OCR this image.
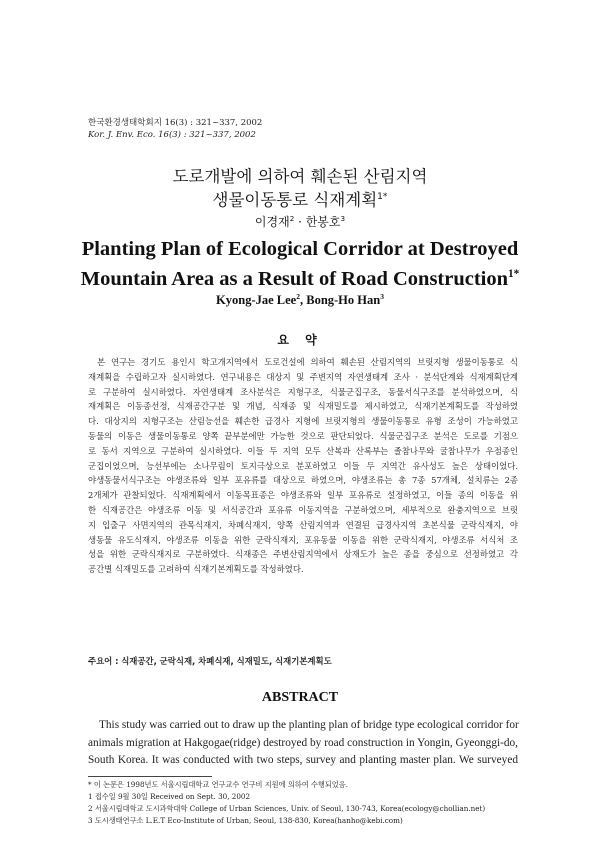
한국환경생태학회지 16(3) : 321~337, 2002
Kor. J. Env. Eco. 16(3) : 321~337, 2002
도로개발에 의하여 훼손된 산림지역
생물이동통로 식재계획$^{1*}$
이경재$^2$ · 한봉호$^3$
Planting Plan of Ecological Corridor at Destroyed
Mountain Area as a Result of Road Construction$^{1*}$
Kyong-Jae Lee$^2$, Bong-Ho Han$^3$
요 약
본 연구는 경기도 용인시 학고개지역에서 도로건설에 의하여 훼손된 산림지역의 브릿지형 생물이동통로 식
재계획을 수립하고자 실시하였다. 연구내용은 대상지 및 주변지역 자연생태계 조사 · 분석단계와 식재계획단계
로 구분하여 실시하였다. 자연생태계 조사분석은 지형구조, 식물군집구조, 동물서식구조를 분석하였으며, 식
재계획은 이동종선정, 식재공간구분 및 개념, 식재종 및 식재밀도를 제시하였고, 식재기본계획도를 작성하였
다. 대상지의 지형구조는 산림능선을 훼손한 급경사 지형에 브릿지형의 생물이동통로 유형 조성이 가능하였고
동물의 이동은 생물이동통로 양쪽 끝부분에만 가능한 것으로 판단되었다. 식물군집구조 분석은 도로를 기점으
로 동서 지역으로 구분하여 실시하였다. 이들 두 지역 모두 산복과 산록부는 졸참나무와 굴참나무가 우점종인
군집이었으며, 능선부에는 소나무림이 토지극상으로 분포하였고 이들 두 지역간 유사성도 높은 상태이었다.
야생동물서식구조는 야생조류와 일부 포유류를 대상으로 하였으며, 야생조류는 총 7종 57개체, 설치류는 2종
2개체가 관찰되었다. 식재계획에서 이동목표종은 야생조류와 일부 포유류로 설정하였고, 이들 종의 이동을 위
한 식재공간은 야생조류 이동 및 서식공간과 포유류 이동지역을 구분하였으며, 세부적으로 완충지역으로 브릿
지 입출구 사면지역의 관목식재지, 차폐식재지, 양쪽 산림지역과 연결된 급경사지역 초본식물 군락식재지, 야
생동물 유도식재지, 야생조류 이동을 위한 군락식재지, 포유동물 이동을 위한 군락식재지, 야생조류 서식처 조
성을 위한 군락식재지로 구분하였다. 식재종은 주변산림지역에서 상재도가 높은 종을 중심으로 선정하였고 각
공간별 식재밀도를 고려하여 식재기본계획도를 작성하였다.
주요어 : 식재공간, 군락식재, 차폐식재, 식재밀도, 식재기본계획도
ABSTRACT
This study was carried out to draw up the planting plan of bridge type ecological corridor for
animals migration at Hakgogae(ridge) destroyed by road construction in Yongin, Gyeonggi-do,
South Korea. It was conducted with two steps, survey and planting master plan. We surveyed
* 이 논문은 1998년도 서울시립대학교 연구교수 연구비 지원에 의하여 수행되었음.
1 접수일 9월 30일 Received on Sept. 30, 2002
2 서울시립대학교 도시과학대학 College of Urban Sciences, Univ. of Seoul, 130-743, Korea(ecology@chollian.net)
3 도시생태연구소 L.E.T Eco-Institute of Urban, Seoul, 138-830, Korea(hanho@kebi.com)
